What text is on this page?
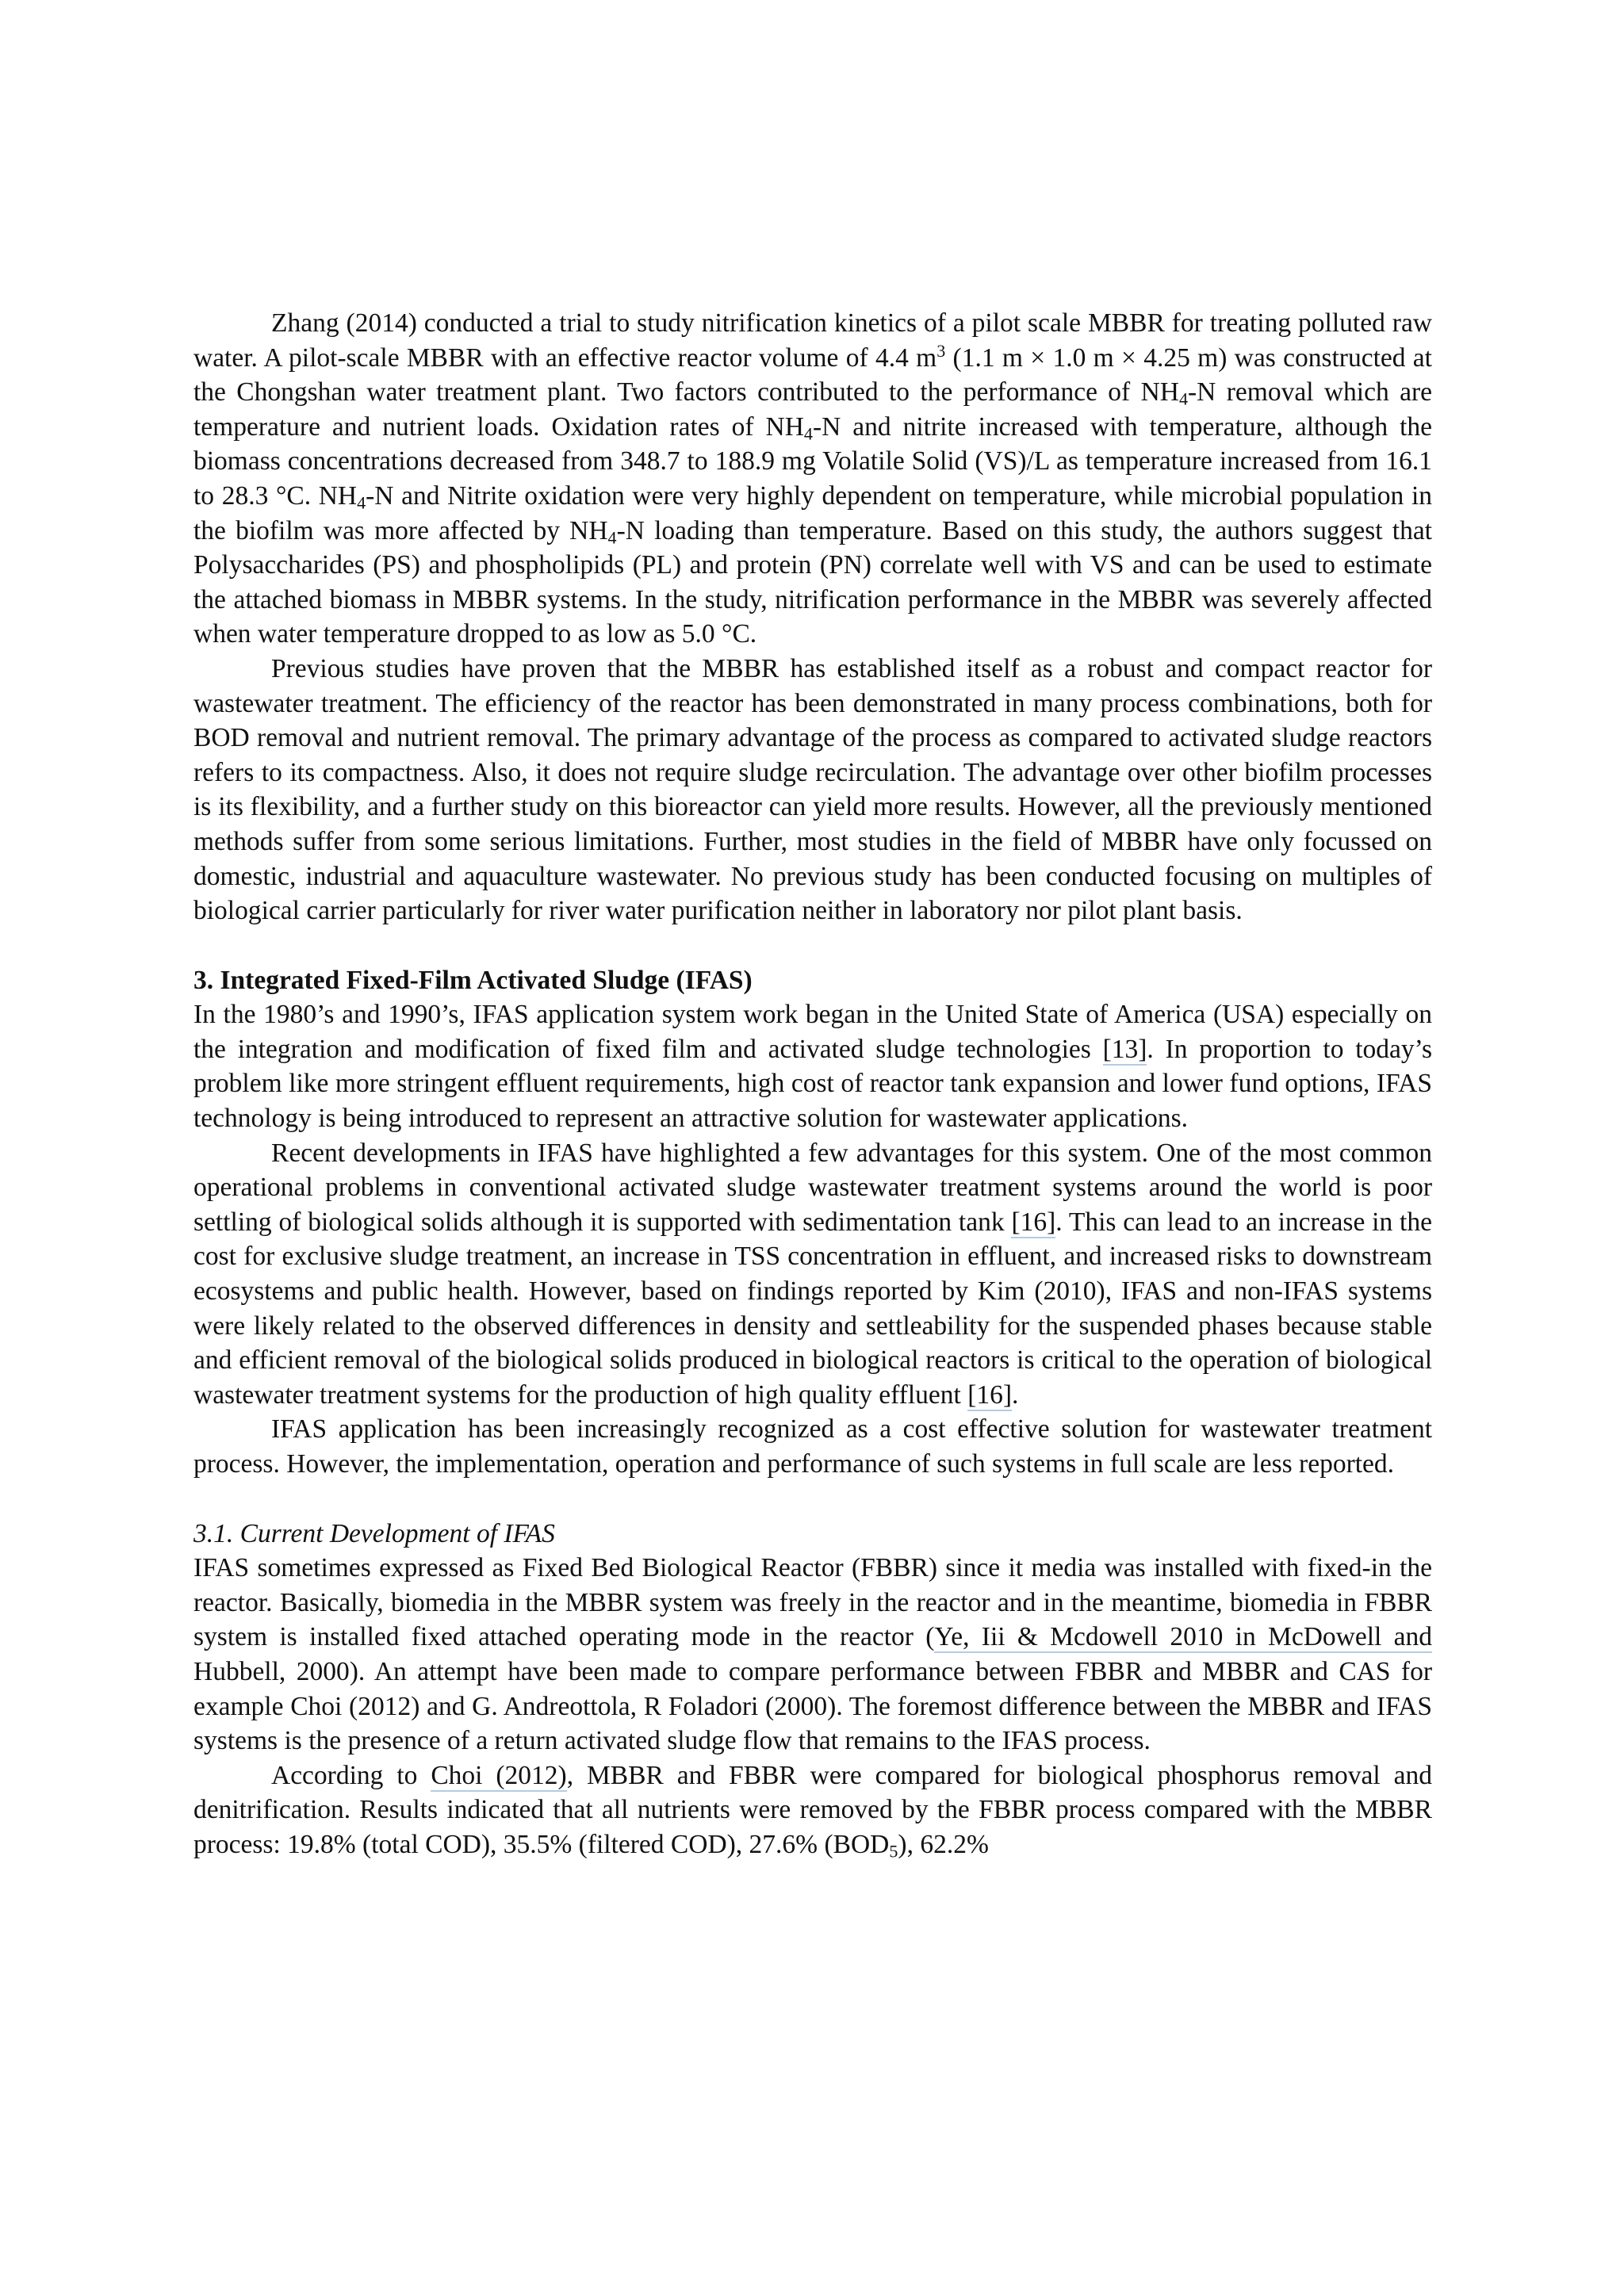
Zhang (2014) conducted a trial to study nitrification kinetics of a pilot scale MBBR for treating polluted raw water. A pilot-scale MBBR with an effective reactor volume of 4.4 $m^3$ (1.1 m × 1.0 m × 4.25 m) was constructed at the Chongshan water treatment plant. Two factors contributed to the performance of $NH_4-N$ removal which are temperature and nutrient loads. Oxidation rates of $NH_4-N$ and nitrite increased with temperature, although the biomass concentrations decreased from 348.7 to 188.9 mg Volatile Solid (VS)/L as temperature increased from 16.1 to 28.3 °C. $NH_4-N$ and Nitrite oxidation were very highly dependent on temperature, while microbial population in the biofilm was more affected by $NH_4-N$ loading than temperature. Based on this study, the authors suggest that Polysaccharides (PS) and phospholipids (PL) and protein (PN) correlate well with VS and can be used to estimate the attached biomass in MBBR systems. In the study, nitrification performance in the MBBR was severely affected when water temperature dropped to as low as 5.0 °C.

Previous studies have proven that the MBBR has established itself as a robust and compact reactor for wastewater treatment. The efficiency of the reactor has been demonstrated in many process combinations, both for BOD removal and nutrient removal. The primary advantage of the process as compared to activated sludge reactors refers to its compactness. Also, it does not require sludge recirculation. The advantage over other biofilm processes is its flexibility, and a further study on this bioreactor can yield more results. However, all the previously mentioned methods suffer from some serious limitations. Further, most studies in the field of MBBR have only focussed on domestic, industrial and aquaculture wastewater. No previous study has been conducted focusing on multiples of biological carrier particularly for river water purification neither in laboratory nor pilot plant basis.

3. Integrated Fixed-Film Activated Sludge (IFAS)

In the 1980’s and 1990’s, IFAS application system work began in the United State of America (USA) especially on the integration and modification of fixed film and activated sludge technologies [13]. In proportion to today’s problem like more stringent effluent requirements, high cost of reactor tank expansion and lower fund options, IFAS technology is being introduced to represent an attractive solution for wastewater applications.

Recent developments in IFAS have highlighted a few advantages for this system. One of the most common operational problems in conventional activated sludge wastewater treatment systems around the world is poor settling of biological solids although it is supported with sedimentation tank [16]. This can lead to an increase in the cost for exclusive sludge treatment, an increase in TSS concentration in effluent, and increased risks to downstream ecosystems and public health. However, based on findings reported by Kim (2010), IFAS and non-IFAS systems were likely related to the observed differences in density and settleability for the suspended phases because stable and efficient removal of the biological solids produced in biological reactors is critical to the operation of biological wastewater treatment systems for the production of high quality effluent [16].

IFAS application has been increasingly recognized as a cost effective solution for wastewater treatment process. However, the implementation, operation and performance of such systems in full scale are less reported.

3.1. Current Development of IFAS

IFAS sometimes expressed as Fixed Bed Biological Reactor (FBBR) since it media was installed with fixed-in the reactor. Basically, biomedia in the MBBR system was freely in the reactor and in the meantime, biomedia in FBBR system is installed fixed attached operating mode in the reactor (Ye, Iii & Mcdowell 2010 in McDowell and Hubbell, 2000). An attempt have been made to compare performance between FBBR and MBBR and CAS for example Choi (2012) and G. Andreottola, R Foladori (2000). The foremost difference between the MBBR and IFAS systems is the presence of a return activated sludge flow that remains to the IFAS process.

According to Choi (2012), MBBR and FBBR were compared for biological phosphorus removal and denitrification. Results indicated that all nutrients were removed by the FBBR process compared with the MBBR process: 19.8% (total COD), 35.5% (filtered COD), 27.6% $(BOD_5)$, 62.2%
